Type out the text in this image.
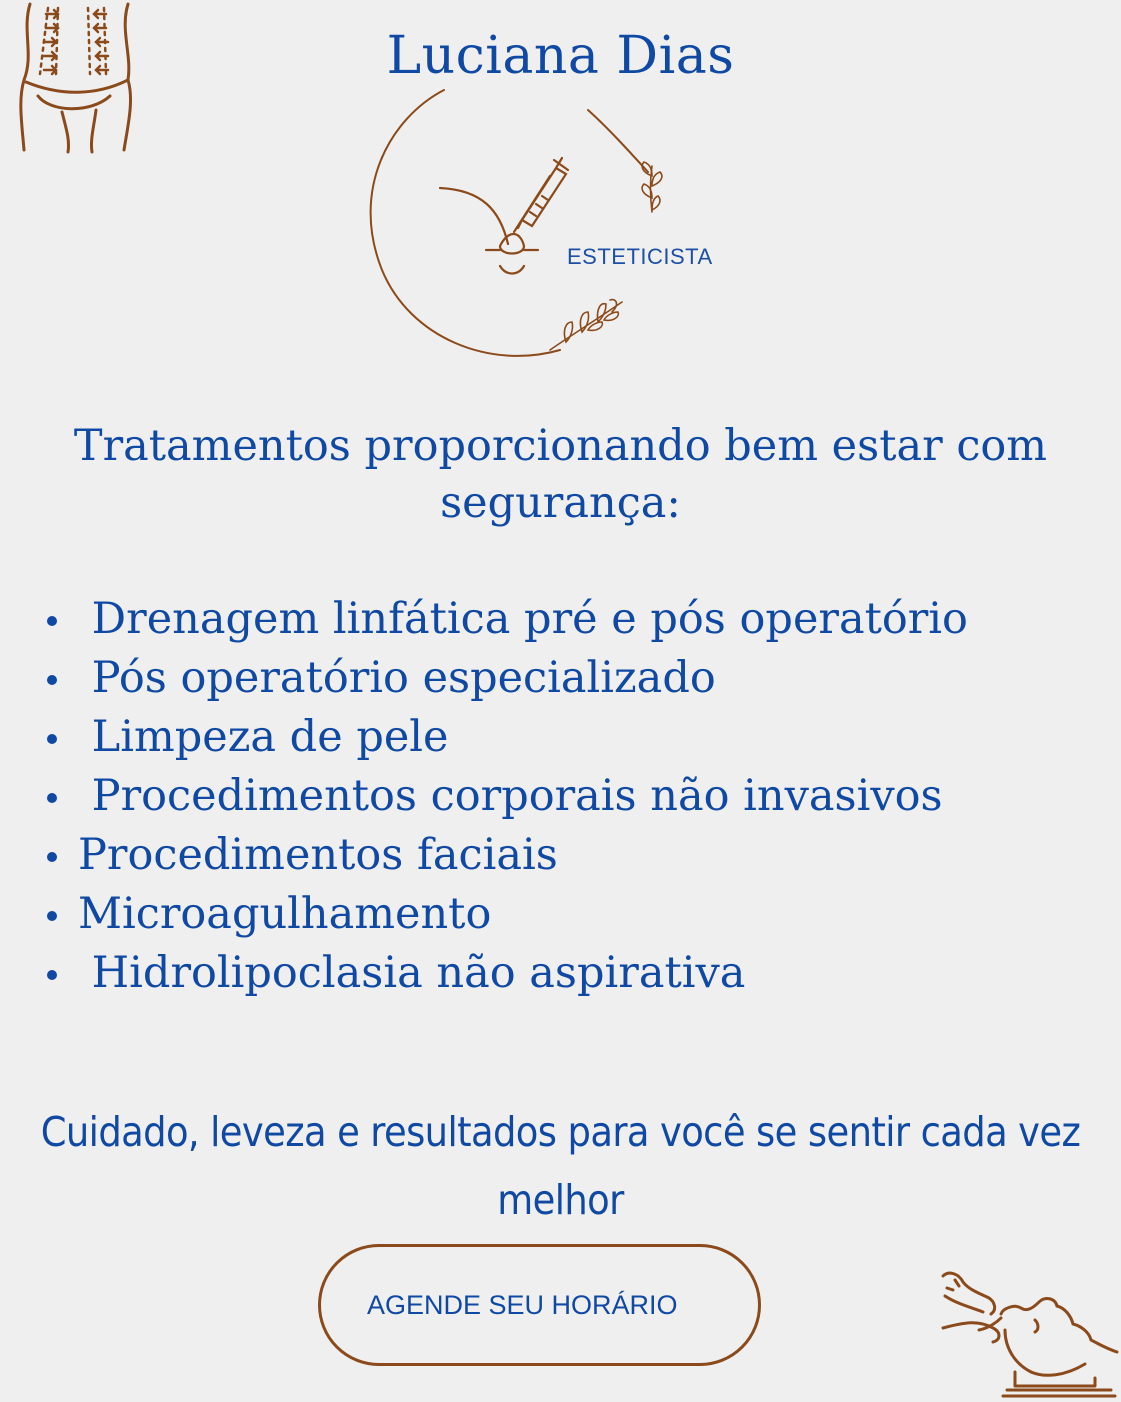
Luciana Dias
ESTETICISTA

Tratamentos proporcionando bem estar com segurança:

Drenagem linfática pré e pós operatório
Pós operatório especializado
Limpeza de pele
Procedimentos corporais não invasivos
Procedimentos faciais
Microagulhamento
Hidrolipoclasia não aspirativa

Cuidado, leveza e resultados para você se sentir cada vez melhor

AGENDE SEU HORÁRIO
